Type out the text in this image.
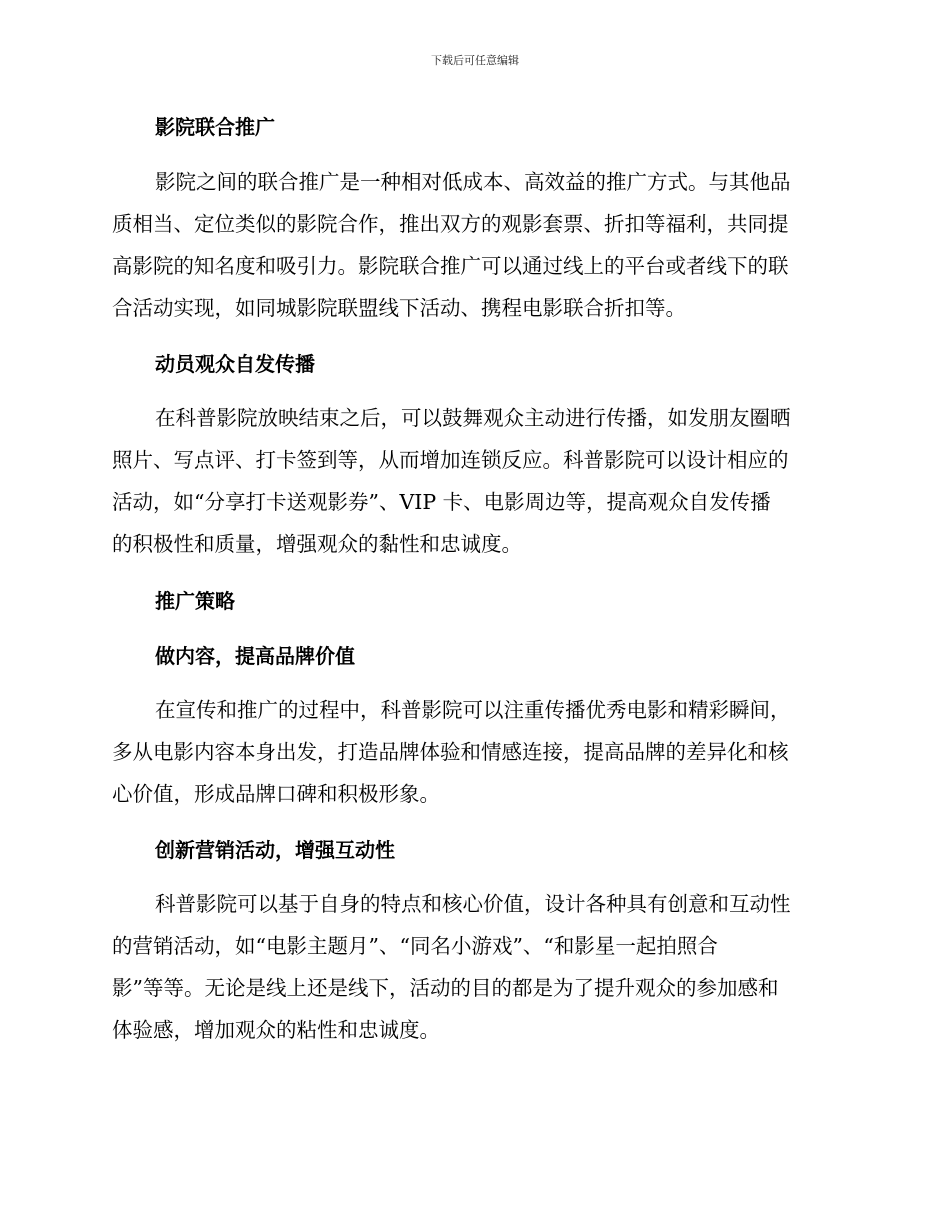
下载后可任意编辑
影院联合推广
影院之间的联合推广是一种相对低成本、高效益的推广方式。与其他品
质相当、定位类似的影院合作，推出双方的观影套票、折扣等福利，共同提
高影院的知名度和吸引力。影院联合推广可以通过线上的平台或者线下的联
合活动实现，如同城影院联盟线下活动、携程电影联合折扣等。
动员观众自发传播
在科普影院放映结束之后，可以鼓舞观众主动进行传播，如发朋友圈晒
照片、写点评、打卡签到等，从而增加连锁反应。科普影院可以设计相应的
活动，如“分享打卡送观影券”、VIP 卡、电影周边等，提高观众自发传播
的积极性和质量，增强观众的黏性和忠诚度。
推广策略
做内容，提高品牌价值
在宣传和推广的过程中，科普影院可以注重传播优秀电影和精彩瞬间，
多从电影内容本身出发，打造品牌体验和情感连接，提高品牌的差异化和核
心价值，形成品牌口碑和积极形象。
创新营销活动，增强互动性
科普影院可以基于自身的特点和核心价值，设计各种具有创意和互动性
的营销活动，如“电影主题月”、“同名小游戏”、“和影星一起拍照合
影”等等。无论是线上还是线下，活动的目的都是为了提升观众的参加感和
体验感，增加观众的粘性和忠诚度。
